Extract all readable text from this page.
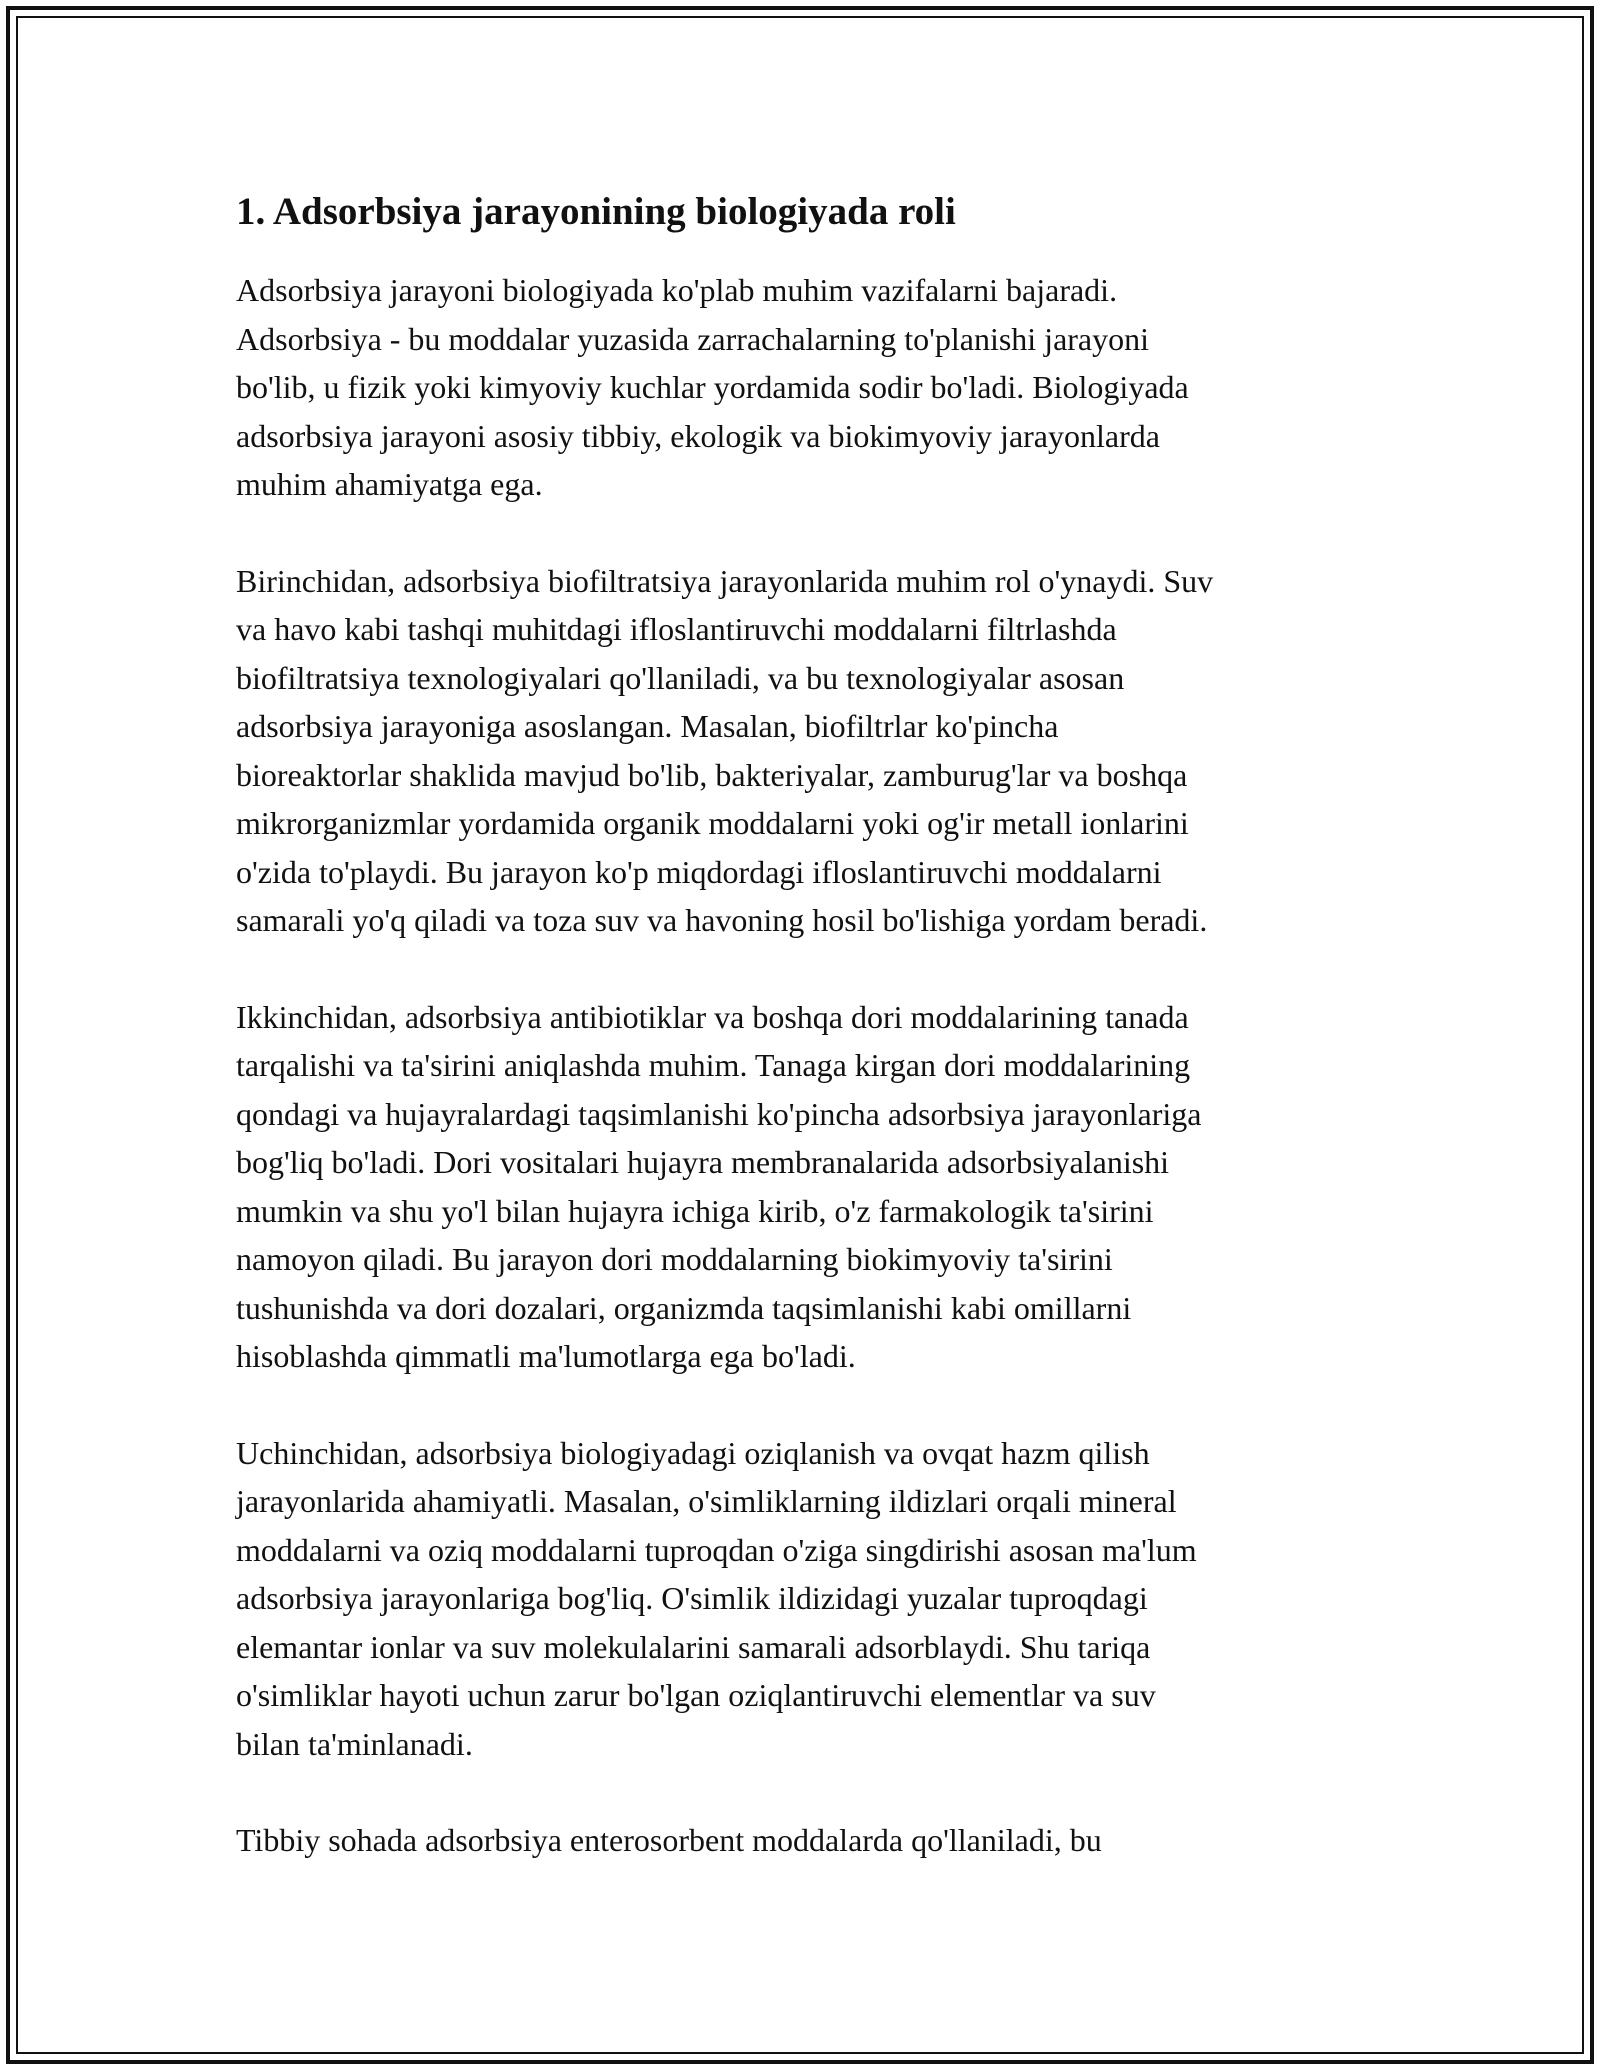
1. Adsorbsiya jarayonining biologiyada roli

Adsorbsiya jarayoni biologiyada ko'plab muhim vazifalarni bajaradi.
Adsorbsiya - bu moddalar yuzasida zarrachalarning to'planishi jarayoni
bo'lib, u fizik yoki kimyoviy kuchlar yordamida sodir bo'ladi. Biologiyada
adsorbsiya jarayoni asosiy tibbiy, ekologik va biokimyoviy jarayonlarda
muhim ahamiyatga ega.

Birinchidan, adsorbsiya biofiltratsiya jarayonlarida muhim rol o'ynaydi. Suv
va havo kabi tashqi muhitdagi ifloslantiruvchi moddalarni filtrlashda
biofiltratsiya texnologiyalari qo'llaniladi, va bu texnologiyalar asosan
adsorbsiya jarayoniga asoslangan. Masalan, biofiltrlar ko'pincha
bioreaktorlar shaklida mavjud bo'lib, bakteriyalar, zamburug'lar va boshqa
mikrorganizmlar yordamida organik moddalarni yoki og'ir metall ionlarini
o'zida to'playdi. Bu jarayon ko'p miqdordagi ifloslantiruvchi moddalarni
samarali yo'q qiladi va toza suv va havoning hosil bo'lishiga yordam beradi.

Ikkinchidan, adsorbsiya antibiotiklar va boshqa dori moddalarining tanada
tarqalishi va ta'sirini aniqlashda muhim. Tanaga kirgan dori moddalarining
qondagi va hujayralardagi taqsimlanishi ko'pincha adsorbsiya jarayonlariga
bog'liq bo'ladi. Dori vositalari hujayra membranalarida adsorbsiyalanishi
mumkin va shu yo'l bilan hujayra ichiga kirib, o'z farmakologik ta'sirini
namoyon qiladi. Bu jarayon dori moddalarning biokimyoviy ta'sirini
tushunishda va dori dozalari, organizmda taqsimlanishi kabi omillarni
hisoblashda qimmatli ma'lumotlarga ega bo'ladi.

Uchinchidan, adsorbsiya biologiyadagi oziqlanish va ovqat hazm qilish
jarayonlarida ahamiyatli. Masalan, o'simliklarning ildizlari orqali mineral
moddalarni va oziq moddalarni tuproqdan o'ziga singdirishi asosan ma'lum
adsorbsiya jarayonlariga bog'liq. O'simlik ildizidagi yuzalar tuproqdagi
elemantar ionlar va suv molekulalarini samarali adsorblaydi. Shu tariqa
o'simliklar hayoti uchun zarur bo'lgan oziqlantiruvchi elementlar va suv
bilan ta'minlanadi.

Tibbiy sohada adsorbsiya enterosorbent moddalarda qo'llaniladi, bu
